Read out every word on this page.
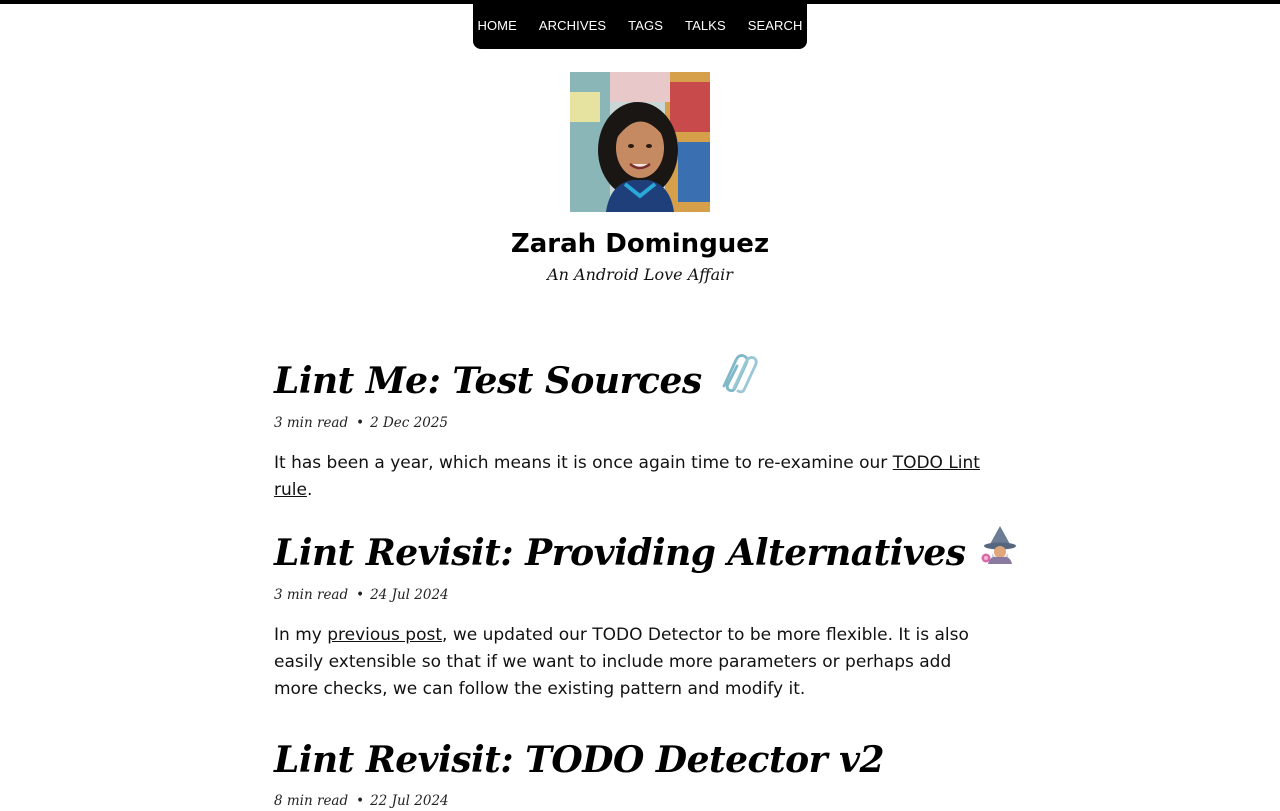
HOME ARCHIVES TAGS TALKS SEARCH
Zarah Dominguez
An Android Love Affair
Lint Me: Test Sources
3 min read • 2 Dec 2025

It has been a year, which means it is once again time to re-examine our TODO Lint rule.

Lint Revisit: Providing Alternatives
3 min read • 24 Jul 2024

In my previous post, we updated our TODO Detector to be more flexible. It is also easily extensible so that if we want to include more parameters or perhaps add more checks, we can follow the existing pattern and modify it.

Lint Revisit: TODO Detector v2
8 min read • 22 Jul 2024
